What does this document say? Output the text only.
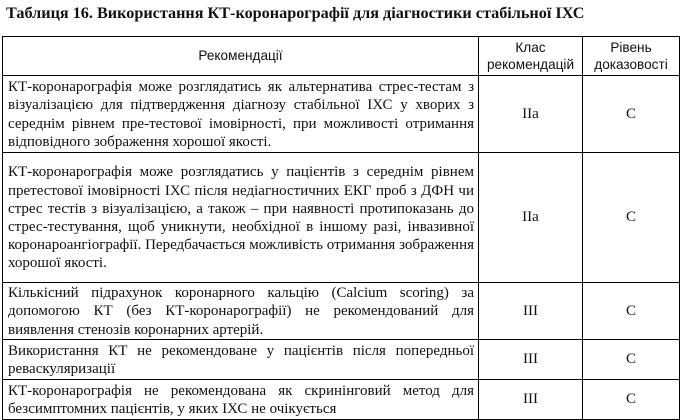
Таблиця 16. Використання КТ-коронарографії для діагностики стабільної ІХС
Рекомендації	Клас рекомендацій	Рівень доказовості
КТ-коронарографія може розглядатись як альтернатива стрес-тестам з візуалізацією для підтвердження діагнозу стабільної ІХС у хворих з середнім рівнем пре-тестової імовірності, при можливості отримання відповідного зображення хорошої якості.	IIa	C
КТ-коронарографія може розглядатись у пацієнтів з середнім рівнем претестової імовірності ІХС після недіагностичних ЕКГ проб з ДФН чи стрес тестів з візуалізацією, а також – при наявності протипоказань до стрес-тестування, щоб уникнути, необхідної в іншому разі, інвазивної коронароангіографії. Передбачається можливість отримання зображення хорошої якості.	IIa	C
Кількісний підрахунок коронарного кальцію (Calcium scoring) за допомогою КТ (без КТ-коронарографії) не рекомендований для виявлення стенозів коронарних артерій.	III	C
Використання КТ не рекомендоване у пацієнтів після попередньої реваскуляризації	III	C
КТ-коронарографія не рекомендована як скринінговий метод для безсимптомних пацієнтів, у яких ІХС не очікується	III	C
